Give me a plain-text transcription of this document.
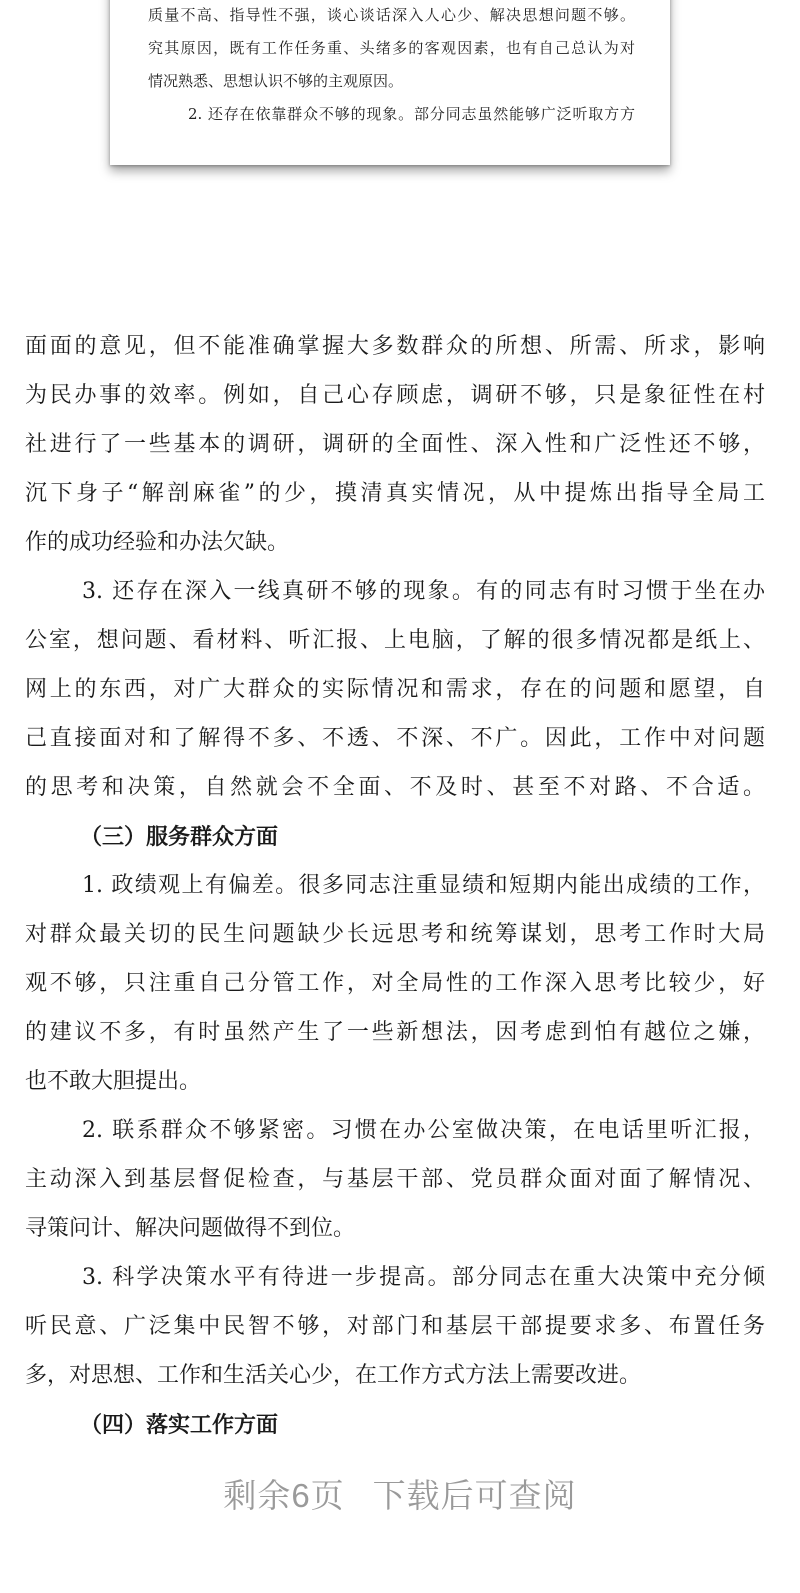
质量不高、指导性不强，谈心谈话深入人心少、解决思想问题不够。
究其原因，既有工作任务重、头绪多的客观因素，也有自己总认为对
情况熟悉、思想认识不够的主观原因。
2. 还存在依靠群众不够的现象。部分同志虽然能够广泛听取方方
面面的意见，但不能准确掌握大多数群众的所想、所需、所求，影响
为民办事的效率。例如，自己心存顾虑，调研不够，只是象征性在村
社进行了一些基本的调研，调研的全面性、深入性和广泛性还不够，
沉下身子“解剖麻雀”的少，摸清真实情况，从中提炼出指导全局工
作的成功经验和办法欠缺。
3. 还存在深入一线真研不够的现象。有的同志有时习惯于坐在办
公室，想问题、看材料、听汇报、上电脑，了解的很多情况都是纸上、
网上的东西，对广大群众的实际情况和需求，存在的问题和愿望，自
己直接面对和了解得不多、不透、不深、不广。因此，工作中对问题
的思考和决策，自然就会不全面、不及时、甚至不对路、不合适。
（三）服务群众方面
1. 政绩观上有偏差。很多同志注重显绩和短期内能出成绩的工作，
对群众最关切的民生问题缺少长远思考和统筹谋划，思考工作时大局
观不够，只注重自己分管工作，对全局性的工作深入思考比较少，好
的建议不多，有时虽然产生了一些新想法，因考虑到怕有越位之嫌，
也不敢大胆提出。
2. 联系群众不够紧密。习惯在办公室做决策，在电话里听汇报，
主动深入到基层督促检查，与基层干部、党员群众面对面了解情况、
寻策问计、解决问题做得不到位。
3. 科学决策水平有待进一步提高。部分同志在重大决策中充分倾
听民意、广泛集中民智不够，对部门和基层干部提要求多、布置任务
多，对思想、工作和生活关心少，在工作方式方法上需要改进。
（四）落实工作方面
剩余6页 下载后可查阅
